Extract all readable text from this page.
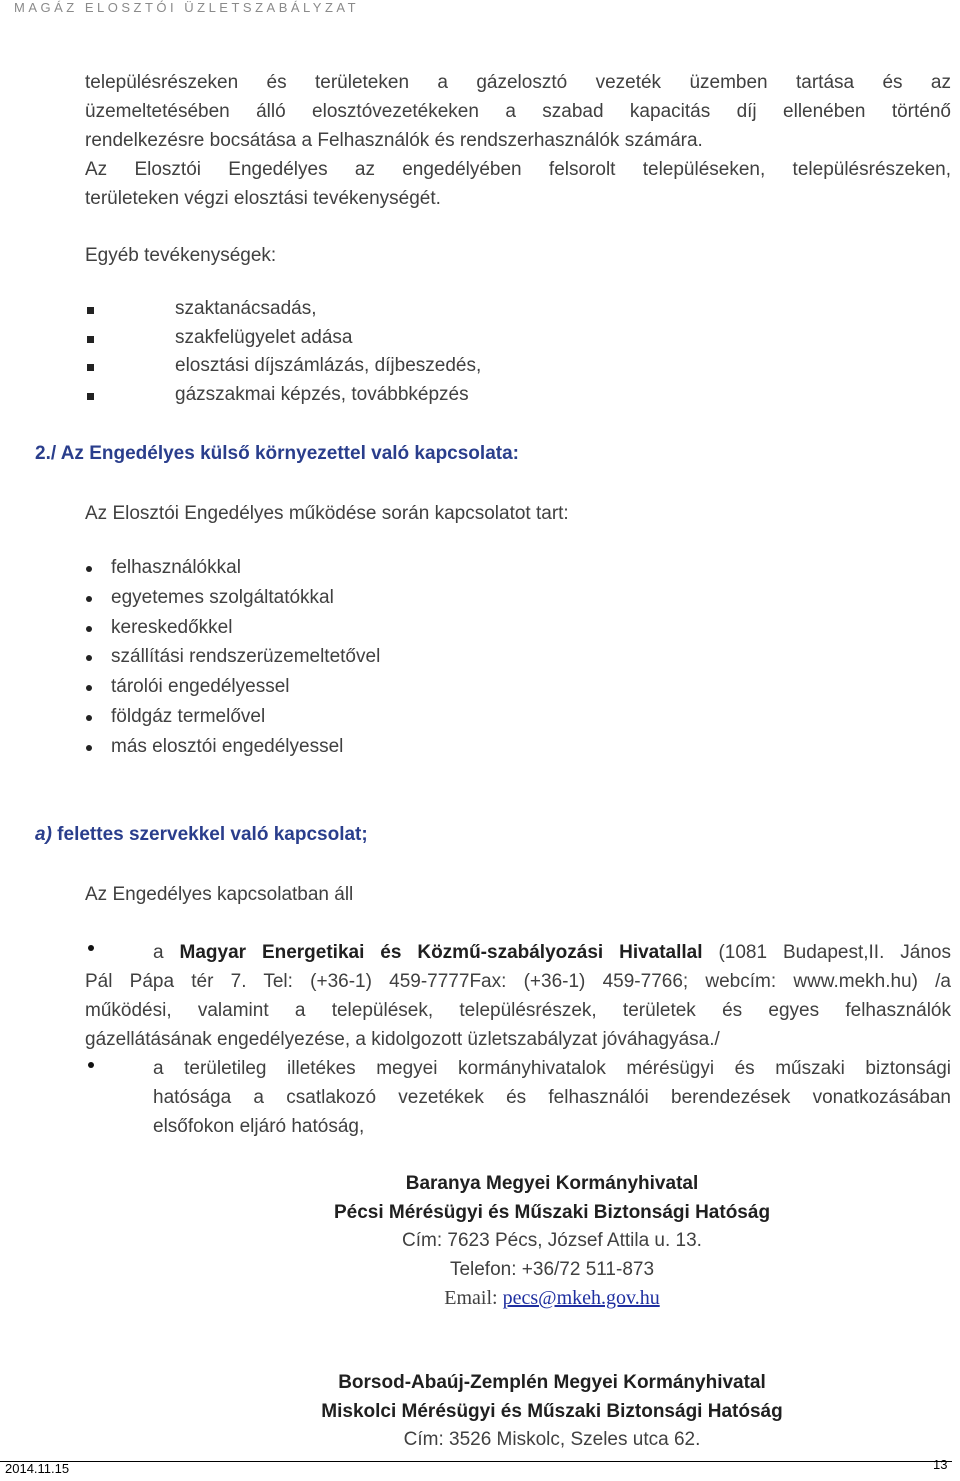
MAGÁZ ELOSZTÓI ÜZLETSZABÁLYZAT
településrészeken és területeken a gázelosztó vezeték üzemben tartása és az
üzemeltetésében álló elosztóvezetékeken a szabad kapacitás díj ellenében történő
rendelkezésre bocsátása a Felhasználók és rendszerhasználók számára.
Az Elosztói Engedélyes az engedélyében felsorolt településeken, településrészeken,
területeken végzi elosztási tevékenységét.
Egyéb tevékenységek:
szaktanácsadás,
szakfelügyelet adása
elosztási díjszámlázás, díjbeszedés,
gázszakmai képzés, továbbképzés
2./ Az Engedélyes külső környezettel való kapcsolata:
Az Elosztói Engedélyes működése során kapcsolatot tart:
felhasználókkal
egyetemes szolgáltatókkal
kereskedőkkel
szállítási rendszerüzemeltetővel
tárolói engedélyessel
földgáz termelővel
más elosztói engedélyessel
a) felettes szervekkel való kapcsolat;
Az Engedélyes kapcsolatban áll
a Magyar Energetikai és Közmű-szabályozási Hivatallal (1081 Budapest,II. János
Pál Pápa tér 7. Tel: (+36-1) 459-7777Fax: (+36-1) 459-7766; webcím: www.mekh.hu) /a
működési, valamint a települések, településrészek, területek és egyes felhasználók
gázellátásának engedélyezése, a kidolgozott üzletszabályzat jóváhagyása./
a területileg illetékes megyei kormányhivatalok mérésügyi és műszaki biztonsági
hatósága a csatlakozó vezetékek és felhasználói berendezések vonatkozásában
elsőfokon eljáró hatóság,
Baranya Megyei Kormányhivatal
Pécsi Mérésügyi és Műszaki Biztonsági Hatóság
Cím: 7623 Pécs, József Attila u. 13.
Telefon: +36/72 511-873
Email: pecs@mkeh.gov.hu
Borsod-Abaúj-Zemplén Megyei Kormányhivatal
Miskolci Mérésügyi és Műszaki Biztonsági Hatóság
Cím: 3526 Miskolc, Szeles utca 62.
2014.11.15	13
